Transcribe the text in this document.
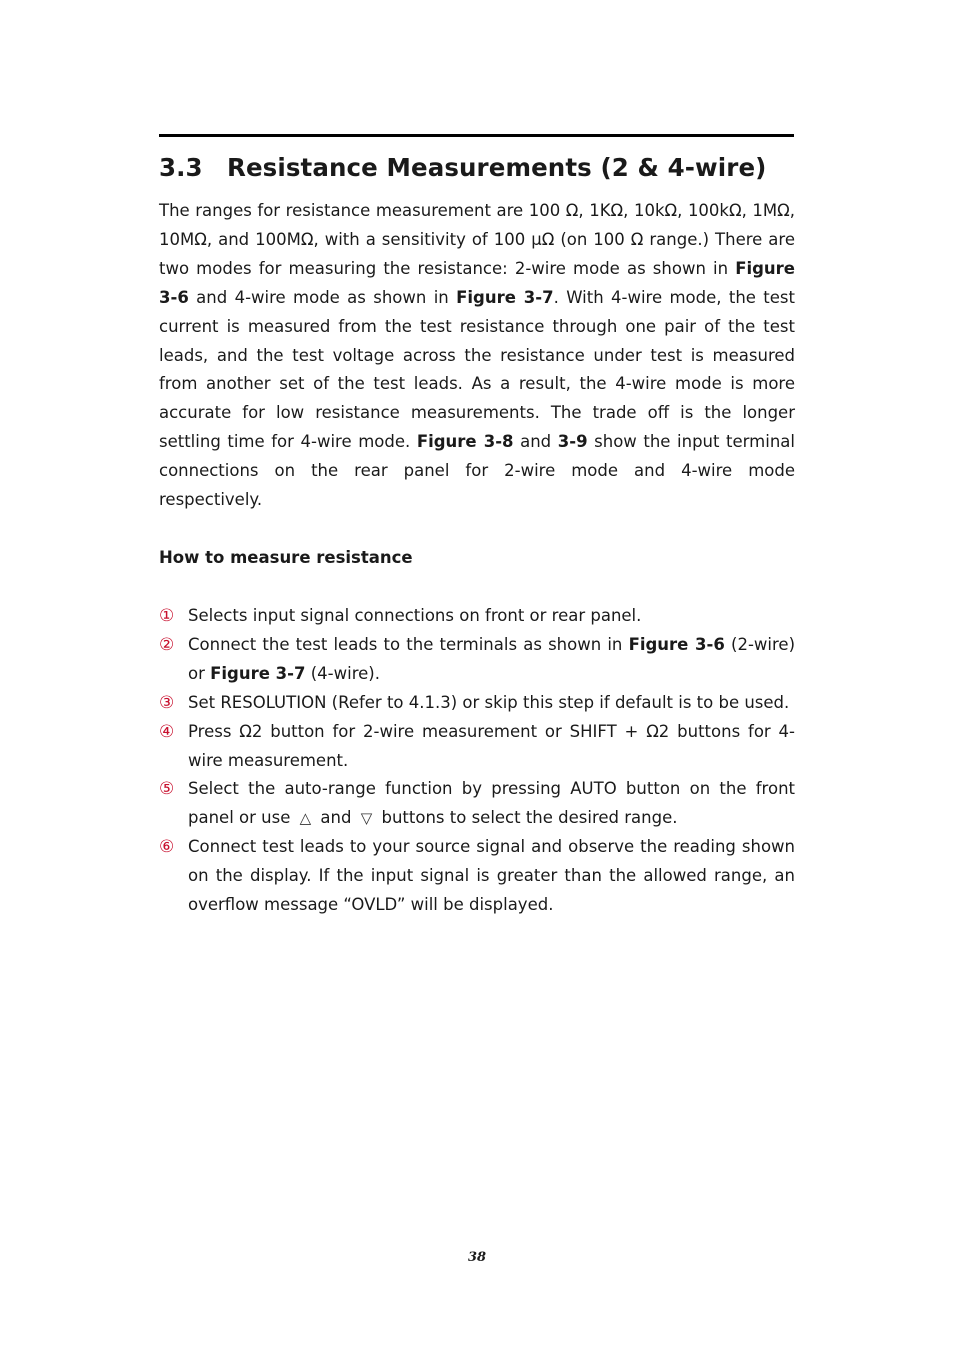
3.3 Resistance Measurements (2 & 4-wire)

The ranges for resistance measurement are 100 Ω, 1KΩ, 10kΩ, 100kΩ, 1MΩ, 10MΩ, and 100MΩ, with a sensitivity of 100 µΩ (on 100 Ω range.) There are two modes for measuring the resistance: 2-wire mode as shown in Figure 3-6 and 4-wire mode as shown in Figure 3-7. With 4-wire mode, the test current is measured from the test resistance through one pair of the test leads, and the test voltage across the resistance under test is measured from another set of the test leads. As a result, the 4-wire mode is more accurate for low resistance measurements. The trade off is the longer settling time for 4-wire mode. Figure 3-8 and 3-9 show the input terminal connections on the rear panel for 2-wire mode and 4-wire mode respectively.

How to measure resistance
① Selects input signal connections on front or rear panel.
② Connect the test leads to the terminals as shown in Figure 3-6 (2-wire) or Figure 3-7 (4-wire).
③ Set RESOLUTION (Refer to 4.1.3) or skip this step if default is to be used.
④ Press Ω2 button for 2-wire measurement or SHIFT + Ω2 buttons for 4-wire measurement.
⑤ Select the auto-range function by pressing AUTO button on the front panel or use △ and ▽ buttons to select the desired range.
⑥ Connect test leads to your source signal and observe the reading shown on the display. If the input signal is greater than the allowed range, an overflow message “OVLD” will be displayed.
38
